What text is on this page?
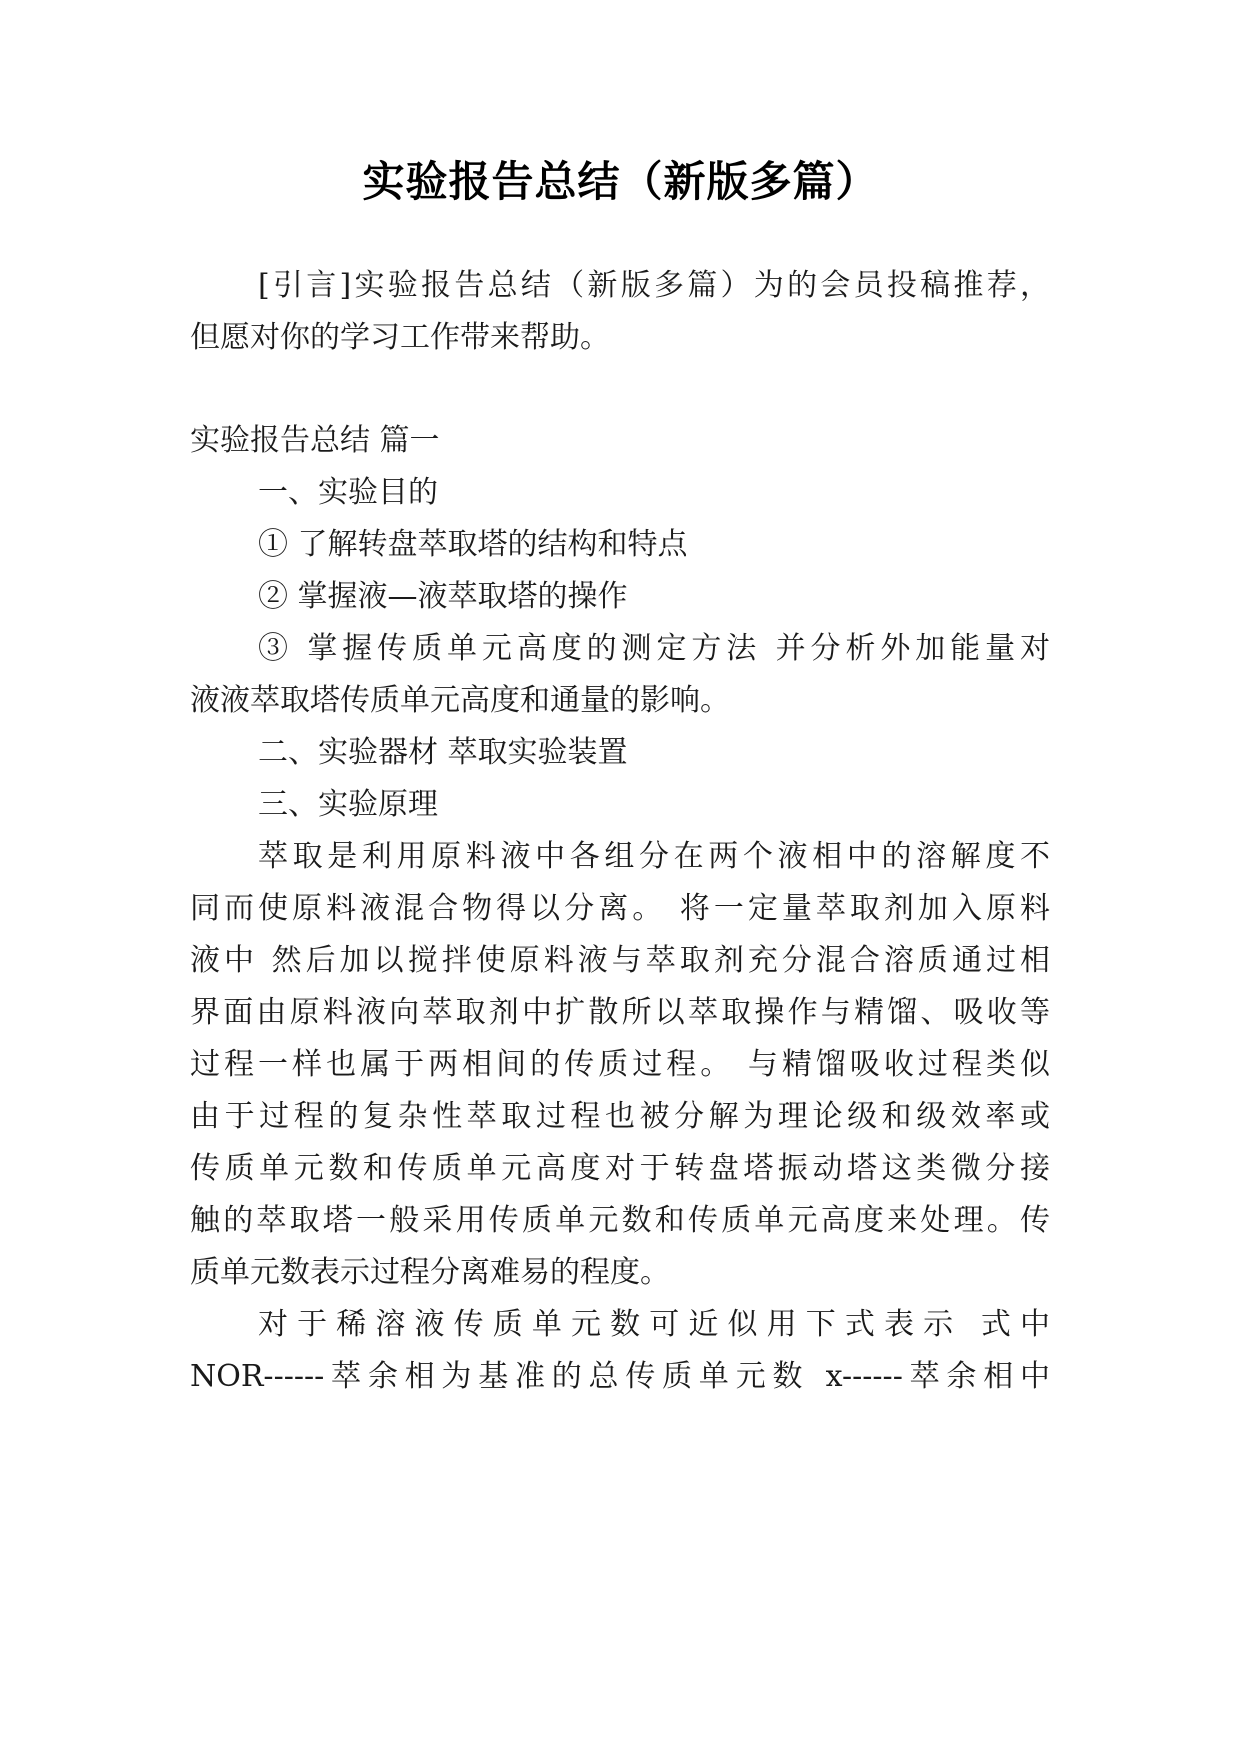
实验报告总结（新版多篇）
[引言]实验报告总结（新版多篇）为的会员投稿推荐，
但愿对你的学习工作带来帮助。
实验报告总结 篇一
一、实验目的
① 了解转盘萃取塔的结构和特点
② 掌握液—液萃取塔的操作
③ 掌握传质单元高度的测定方法 并分析外加能量对
液液萃取塔传质单元高度和通量的影响。
二、实验器材 萃取实验装置
三、实验原理
萃取是利用原料液中各组分在两个液相中的溶解度不
同而使原料液混合物得以分离。 将一定量萃取剂加入原料
液中 然后加以搅拌使原料液与萃取剂充分混合溶质通过相
界面由原料液向萃取剂中扩散所以萃取操作与精馏、吸收等
过程一样也属于两相间的传质过程。 与精馏吸收过程类似
由于过程的复杂性萃取过程也被分解为理论级和级效率或
传质单元数和传质单元高度对于转盘塔振动塔这类微分接
触的萃取塔一般采用传质单元数和传质单元高度来处理。传
质单元数表示过程分离难易的程度。
对于稀溶液传质单元数可近似用下式表示 式中
NOR------萃余相为基准的总传质单元数 x------萃余相中
